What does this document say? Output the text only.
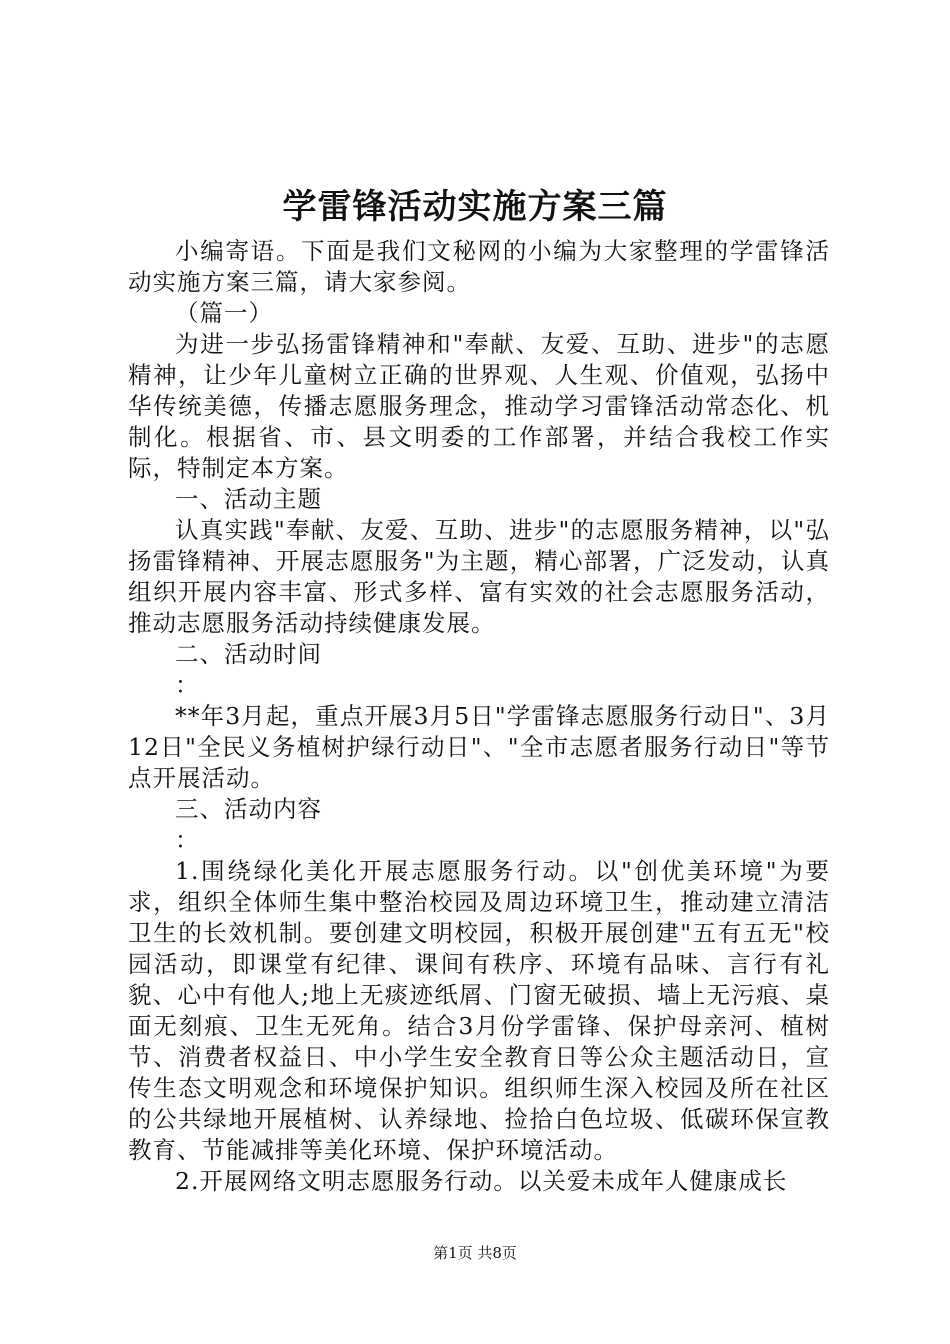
学雷锋活动实施方案三篇

小编寄语。下面是我们文秘网的小编为大家整理的学雷锋活动实施方案三篇，请大家参阅。

（篇一）

为进一步弘扬雷锋精神和"奉献、友爱、互助、进步"的志愿精神，让少年儿童树立正确的世界观、人生观、价值观，弘扬中华传统美德，传播志愿服务理念，推动学习雷锋活动常态化、机制化。根据省、市、县文明委的工作部署，并结合我校工作实际，特制定本方案。

一、活动主题

认真实践"奉献、友爱、互助、进步"的志愿服务精神，以"弘扬雷锋精神、开展志愿服务"为主题，精心部署，广泛发动，认真组织开展内容丰富、形式多样、富有实效的社会志愿服务活动，推动志愿服务活动持续健康发展。

二、活动时间

：

**年3月起，重点开展3月5日"学雷锋志愿服务行动日"、3月12日"全民义务植树护绿行动日"、"全市志愿者服务行动日"等节点开展活动。

三、活动内容

：

1.围绕绿化美化开展志愿服务行动。以"创优美环境"为要求，组织全体师生集中整治校园及周边环境卫生，推动建立清洁卫生的长效机制。要创建文明校园，积极开展创建"五有五无"校园活动，即课堂有纪律、课间有秩序、环境有品味、言行有礼貌、心中有他人;地上无痰迹纸屑、门窗无破损、墙上无污痕、桌面无刻痕、卫生无死角。结合3月份学雷锋、保护母亲河、植树节、消费者权益日、中小学生安全教育日等公众主题活动日，宣传生态文明观念和环境保护知识。组织师生深入校园及所在社区的公共绿地开展植树、认养绿地、捡拾白色垃圾、低碳环保宣教教育、节能减排等美化环境、保护环境活动。

2.开展网络文明志愿服务行动。以关爱未成年人健康成长

第1页 共8页
